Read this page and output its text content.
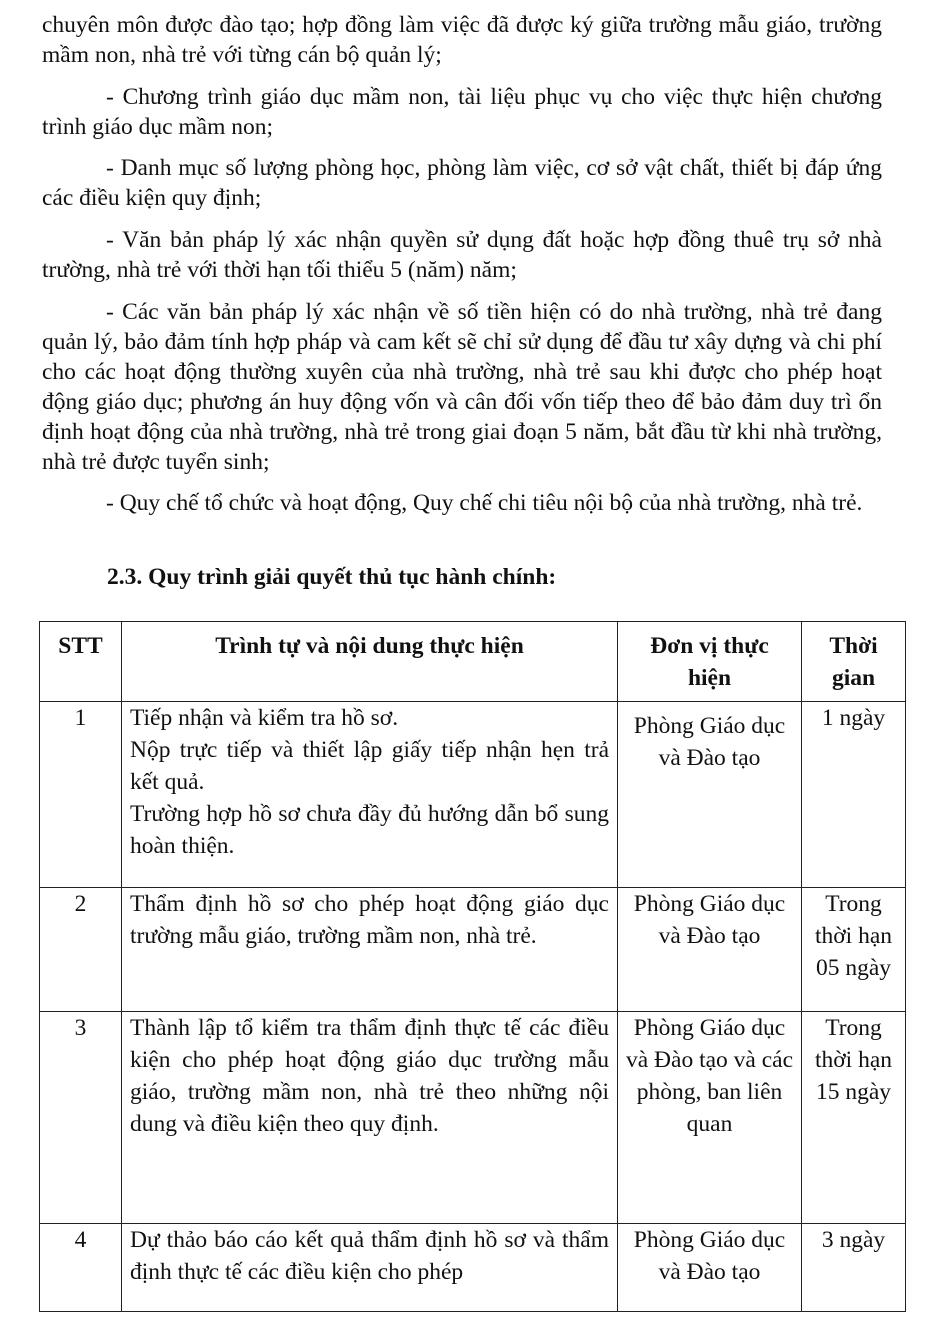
chuyên môn được đào tạo; hợp đồng làm việc đã được ký giữa trường mẫu giáo, trường mầm non, nhà trẻ với từng cán bộ quản lý;

- Chương trình giáo dục mầm non, tài liệu phục vụ cho việc thực hiện chương trình giáo dục mầm non;

- Danh mục số lượng phòng học, phòng làm việc, cơ sở vật chất, thiết bị đáp ứng các điều kiện quy định;

- Văn bản pháp lý xác nhận quyền sử dụng đất hoặc hợp đồng thuê trụ sở nhà trường, nhà trẻ với thời hạn tối thiểu 5 (năm) năm;

- Các văn bản pháp lý xác nhận về số tiền hiện có do nhà trường, nhà trẻ đang quản lý, bảo đảm tính hợp pháp và cam kết sẽ chỉ sử dụng để đầu tư xây dựng và chi phí cho các hoạt động thường xuyên của nhà trường, nhà trẻ sau khi được cho phép hoạt động giáo dục; phương án huy động vốn và cân đối vốn tiếp theo để bảo đảm duy trì ổn định hoạt động của nhà trường, nhà trẻ trong giai đoạn 5 năm, bắt đầu từ khi nhà trường, nhà trẻ được tuyển sinh;

- Quy chế tổ chức và hoạt động, Quy chế chi tiêu nội bộ của nhà trường, nhà trẻ.

2.3. Quy trình giải quyết thủ tục hành chính:

STT	Trình tự và nội dung thực hiện	Đơn vị thực hiện	Thời gian
1	Tiếp nhận và kiểm tra hồ sơ.
Nộp trực tiếp và thiết lập giấy tiếp nhận hẹn trả kết quả.
Trường hợp hồ sơ chưa đầy đủ hướng dẫn bổ sung hoàn thiện.	Phòng Giáo dục và Đào tạo	1 ngày
2	Thẩm định hồ sơ cho phép hoạt động giáo dục trường mẫu giáo, trường mầm non, nhà trẻ.	Phòng Giáo dục và Đào tạo	Trong thời hạn 05 ngày
3	Thành lập tổ kiểm tra thẩm định thực tế các điều kiện cho phép hoạt động giáo dục trường mẫu giáo, trường mầm non, nhà trẻ theo những nội dung và điều kiện theo quy định.	Phòng Giáo dục và Đào tạo và các phòng, ban liên quan	Trong thời hạn 15 ngày
4	Dự thảo báo cáo kết quả thẩm định hồ sơ và thẩm định thực tế các điều kiện cho phép	Phòng Giáo dục và Đào tạo	3 ngày
